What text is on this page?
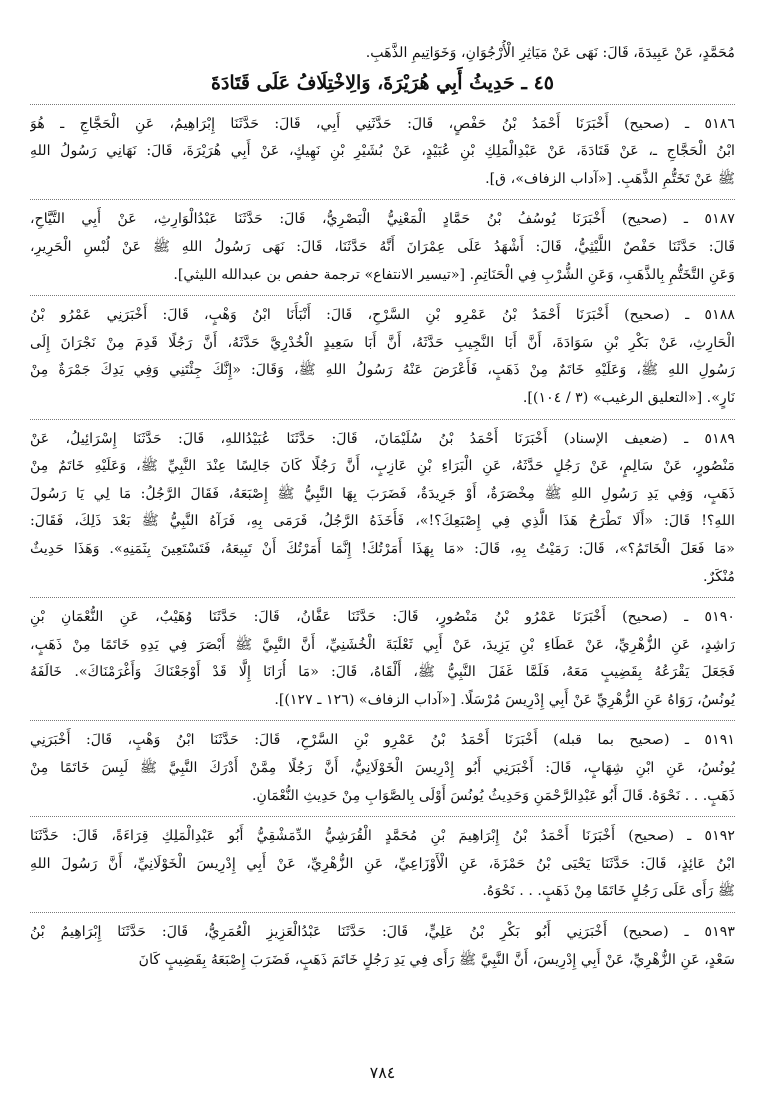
مُحَمَّدٍ، عَنْ عَبِيدَةَ، قَالَ: نَهَى عَنْ مَيَاثِرِ الْأُرْجُوَانِ، وَخَوَاتِيمِ الذَّهَبِ.
٤٥ ـ حَدِيثُ أَبِي هُرَيْرَةَ، وَالِاخْتِلَافُ عَلَى قَتَادَةَ
٥١٨٦ ـ (صحيح) أَخْبَرَنَا أَحْمَدُ بْنُ حَفْصٍ، قَالَ: حَدَّثَنِي أَبِي، قَالَ: حَدَّثَنَا إِبْرَاهِيمُ، عَنِ الْحَجَّاجِ ـ هُوَ
ابْنُ الْحَجَّاجِ ـ، عَنْ قَتَادَةَ، عَنْ عَبْدِالْمَلِكِ بْنِ عُبَيْدٍ، عَنْ بُشَيْرِ بْنِ نَهِيكٍ، عَنْ أَبِي هُرَيْرَةَ، قَالَ: نَهَانِي رَسُولُ اللهِ
ﷺ عَنْ تَخَتُّمِ الذَّهَبِ. [«آداب الزفاف»، ق].
٥١٨٧ ـ (صحيح) أَخْبَرَنَا يُوسُفُ بْنُ حَمَّادٍ الْمَعْنِيُّ الْبَصْرِيُّ، قَالَ: حَدَّثَنَا عَبْدُالْوَارِثِ، عَنْ أَبِي التَّيَّاحِ،
قَالَ: حَدَّثَنَا حَفْصٌ اللَّيْثِيُّ، قَالَ: أَشْهَدُ عَلَى عِمْرَانَ أَنَّهُ حَدَّثَنَا، قَالَ: نَهَى رَسُولُ اللهِ ﷺ عَنْ لُبْسِ الْحَرِيرِ،
وَعَنِ التَّخَتُّمِ بِالذَّهَبِ، وَعَنِ الشُّرْبِ فِي الْحَنَاتِمِ. [«تيسير الانتفاع» ترجمة حفص بن عبدالله الليثي].
٥١٨٨ ـ (صحيح) أَخْبَرَنَا أَحْمَدُ بْنُ عَمْرِو بْنِ السَّرْحِ، قَالَ: أَنْبَأَنَا ابْنُ وَهْبٍ، قَالَ: أَخْبَرَنِي عَمْرُو بْنُ
الْحَارِثِ، عَنْ بَكْرِ بْنِ سَوَادَةَ، أَنَّ أَبَا النَّجِيبِ حَدَّثَهُ، أَنَّ أَبَا سَعِيدٍ الْخُدْرِيَّ حَدَّثَهُ، أَنَّ رَجُلًا قَدِمَ مِنْ نَجْرَانَ إِلَى
رَسُولِ اللهِ ﷺ، وَعَلَيْهِ خَاتَمٌ مِنْ ذَهَبٍ، فَأَعْرَضَ عَنْهُ رَسُولُ اللهِ ﷺ، وَقَالَ: «إِنَّكَ جِئْتَنِي وَفِي يَدِكَ جَمْرَةٌ مِنْ
نَارٍ». [«التعليق الرغيب» (٣ / ١٠٤)].
٥١٨٩ ـ (ضعيف الإسناد) أَخْبَرَنَا أَحْمَدُ بْنُ سُلَيْمَانَ، قَالَ: حَدَّثَنَا عُبَيْدُاللهِ، قَالَ: حَدَّثَنَا إِسْرَائِيلُ، عَنْ
مَنْصُورٍ، عَنْ سَالِمٍ، عَنْ رَجُلٍ حَدَّثَهُ، عَنِ الْبَرَاءِ بْنِ عَازِبٍ، أَنَّ رَجُلًا كَانَ جَالِسًا عِنْدَ النَّبِيِّ ﷺ، وَعَلَيْهِ خَاتَمٌ مِنْ
ذَهَبٍ، وَفِي يَدِ رَسُولِ اللهِ ﷺ مِخْصَرَةٌ، أَوْ جَرِيدَةٌ، فَضَرَبَ بِهَا النَّبِيُّ ﷺ إِصْبَعَهُ، فَقَالَ الرَّجُلُ: مَا لِي يَا رَسُولَ
اللهِ؟! قَالَ: «أَلَا تَطْرَحُ هَذَا الَّذِي فِي إِصْبَعِكَ؟!»، فَأَخَذَهُ الرَّجُلُ، فَرَمَى بِهِ، فَرَآهُ النَّبِيُّ ﷺ بَعْدَ ذَلِكَ، فَقَالَ:
«مَا فَعَلَ الْخَاتَمُ؟»، قَالَ: رَمَيْتُ بِهِ، قَالَ: «مَا بِهَذَا أَمَرْتُكَ! إِنَّمَا أَمَرْتُكَ أَنْ تَبِيعَهُ، فَتَسْتَعِينَ بِثَمَنِهِ». وَهَذَا حَدِيثٌ
مُنْكَرٌ.
٥١٩٠ ـ (صحيح) أَخْبَرَنَا عَمْرُو بْنُ مَنْصُورٍ، قَالَ: حَدَّثَنَا عَفَّانُ، قَالَ: حَدَّثَنَا وُهَيْبٌ، عَنِ النُّعْمَانِ بْنِ
رَاشِدٍ، عَنِ الزُّهْرِيِّ، عَنْ عَطَاءِ بْنِ يَزِيدَ، عَنْ أَبِي ثَعْلَبَةَ الْخُشَنِيِّ، أَنَّ النَّبِيَّ ﷺ أَبْصَرَ فِي يَدِهِ خَاتَمًا مِنْ ذَهَبٍ،
فَجَعَلَ يَقْرَعُهُ بِقَضِيبٍ مَعَهُ، فَلَمَّا غَفَلَ النَّبِيُّ ﷺ، أَلْقَاهُ، قَالَ: «مَا أُرَانَا إِلَّا قَدْ أَوْجَعْنَاكَ وَأَغْرَمْنَاكَ». خَالَفَهُ
يُونُسُ، رَوَاهُ عَنِ الزُّهْرِيِّ عَنْ أَبِي إِدْرِيسَ مُرْسَلًا. [«آداب الزفاف» (١٢٦ ـ ١٢٧)].
٥١٩١ ـ (صحيح بما قبله) أَخْبَرَنَا أَحْمَدُ بْنُ عَمْرِو بْنِ السَّرْحِ، قَالَ: حَدَّثَنَا ابْنُ وَهْبٍ، قَالَ: أَخْبَرَنِي
يُونُسُ، عَنِ ابْنِ شِهَابٍ، قَالَ: أَخْبَرَنِي أَبُو إِدْرِيسَ الْخَوْلَانِيُّ، أَنَّ رَجُلًا مِمَّنْ أَدْرَكَ النَّبِيَّ ﷺ لَبِسَ خَاتَمًا مِنْ
ذَهَبٍ. . . نَحْوَهُ. قَالَ أَبُو عَبْدِالرَّحْمَنِ وَحَدِيثُ يُونُسَ أَوْلَى بِالصَّوَابِ مِنْ حَدِيثِ النُّعْمَانِ.
٥١٩٢ ـ (صحيح) أَخْبَرَنَا أَحْمَدُ بْنُ إِبْرَاهِيمَ بْنِ مُحَمَّدٍ الْقُرَشِيُّ الدِّمَشْقِيُّ أَبُو عَبْدِالْمَلِكِ قِرَاءَةً، قَالَ: حَدَّثَنَا
ابْنُ عَائِذٍ، قَالَ: حَدَّثَنَا يَحْيَى بْنُ حَمْزَةَ، عَنِ الْأَوْزَاعِيِّ، عَنِ الزُّهْرِيِّ، عَنْ أَبِي إِدْرِيسَ الْخَوْلَانِيِّ، أَنَّ رَسُولَ اللهِ
ﷺ رَأَى عَلَى رَجُلٍ خَاتَمًا مِنْ ذَهَبٍ. . . نَحْوَهُ.
٥١٩٣ ـ (صحيح) أَخْبَرَنِي أَبُو بَكْرِ بْنُ عَلِيٍّ، قَالَ: حَدَّثَنَا عَبْدُالْعَزِيزِ الْعُمَرِيُّ، قَالَ: حَدَّثَنَا إِبْرَاهِيمُ بْنُ
سَعْدٍ، عَنِ الزُّهْرِيِّ، عَنْ أَبِي إِدْرِيسَ، أَنَّ النَّبِيَّ ﷺ رَأَى فِي يَدِ رَجُلٍ خَاتَمَ ذَهَبٍ، فَضَرَبَ إِصْبَعَهُ بِقَضِيبٍ كَانَ
٧٨٤
